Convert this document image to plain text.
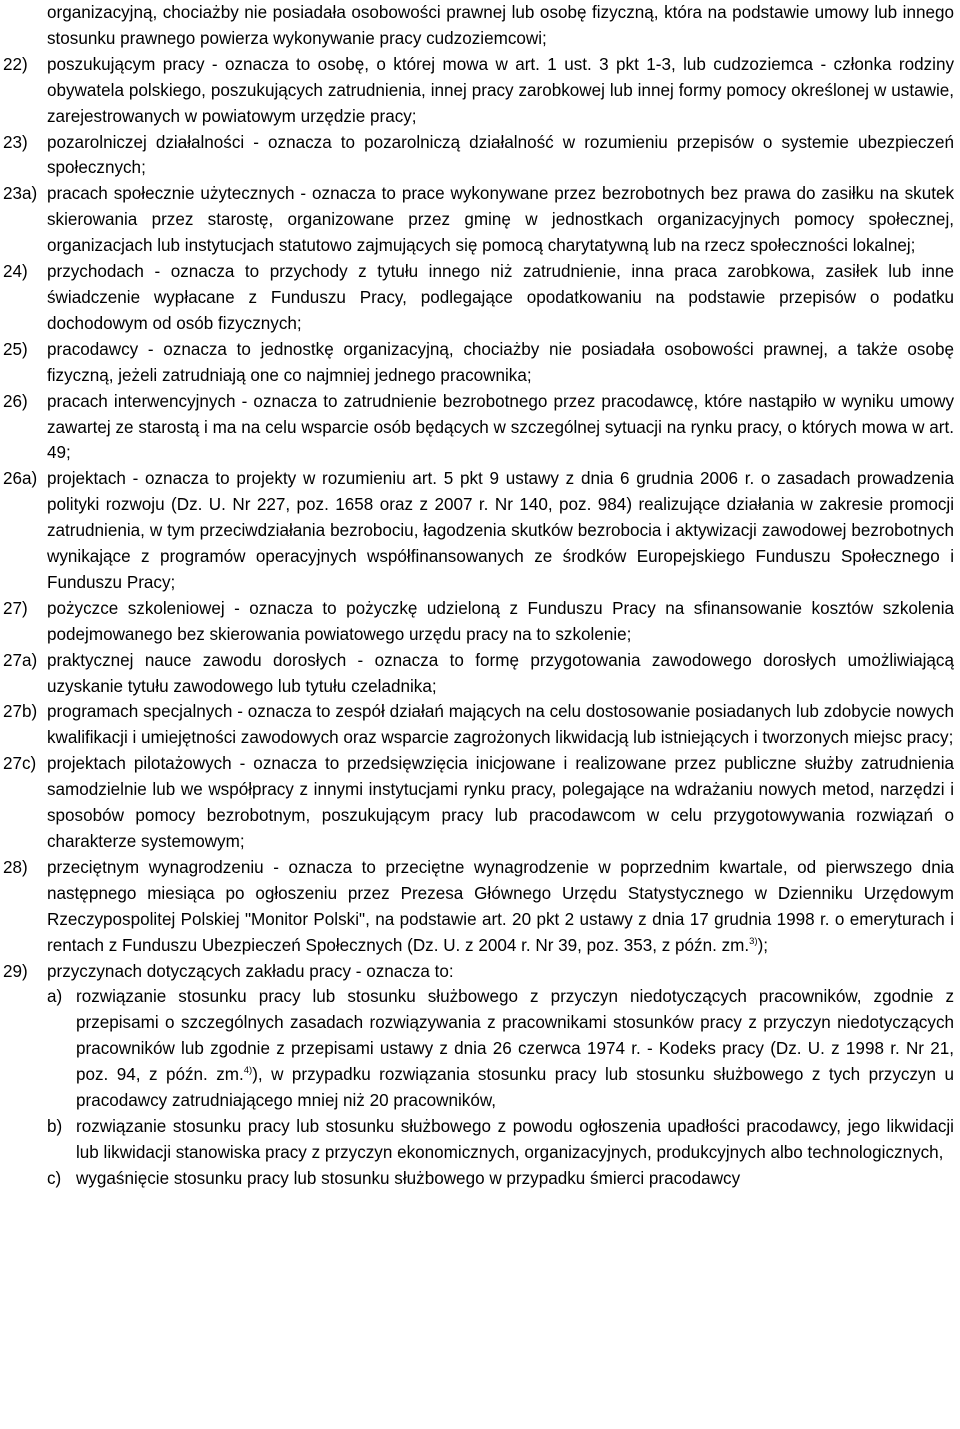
organizacyjną, chociażby nie posiadała osobowości prawnej lub osobę fizyczną, która na podstawie umowy lub innego stosunku prawnego powierza wykonywanie pracy cudzoziemcowi;

22) poszukującym pracy - oznacza to osobę, o której mowa w art. 1 ust. 3 pkt 1-3, lub cudzoziemca - członka rodziny obywatela polskiego, poszukujących zatrudnienia, innej pracy zarobkowej lub innej formy pomocy określonej w ustawie, zarejestrowanych w powiatowym urzędzie pracy;

23) pozarolniczej działalności - oznacza to pozarolniczą działalność w rozumieniu przepisów o systemie ubezpieczeń społecznych;

23a) pracach społecznie użytecznych - oznacza to prace wykonywane przez bezrobotnych bez prawa do zasiłku na skutek skierowania przez starostę, organizowane przez gminę w jednostkach organizacyjnych pomocy społecznej, organizacjach lub instytucjach statutowo zajmujących się pomocą charytatywną lub na rzecz społeczności lokalnej;

24) przychodach - oznacza to przychody z tytułu innego niż zatrudnienie, inna praca zarobkowa, zasiłek lub inne świadczenie wypłacane z Funduszu Pracy, podlegające opodatkowaniu na podstawie przepisów o podatku dochodowym od osób fizycznych;

25) pracodawcy - oznacza to jednostkę organizacyjną, chociażby nie posiadała osobowości prawnej, a także osobę fizyczną, jeżeli zatrudniają one co najmniej jednego pracownika;

26) pracach interwencyjnych - oznacza to zatrudnienie bezrobotnego przez pracodawcę, które nastąpiło w wyniku umowy zawartej ze starostą i ma na celu wsparcie osób będących w szczególnej sytuacji na rynku pracy, o których mowa w art. 49;

26a) projektach - oznacza to projekty w rozumieniu art. 5 pkt 9 ustawy z dnia 6 grudnia 2006 r. o zasadach prowadzenia polityki rozwoju (Dz. U. Nr 227, poz. 1658 oraz z 2007 r. Nr 140, poz. 984) realizujące działania w zakresie promocji zatrudnienia, w tym przeciwdziałania bezrobociu, łagodzenia skutków bezrobocia i aktywizacji zawodowej bezrobotnych wynikające z programów operacyjnych współfinansowanych ze środków Europejskiego Funduszu Społecznego i Funduszu Pracy;

27) pożyczce szkoleniowej - oznacza to pożyczkę udzieloną z Funduszu Pracy na sfinansowanie kosztów szkolenia podejmowanego bez skierowania powiatowego urzędu pracy na to szkolenie;

27a) praktycznej nauce zawodu dorosłych - oznacza to formę przygotowania zawodowego dorosłych umożliwiającą uzyskanie tytułu zawodowego lub tytułu czeladnika;

27b) programach specjalnych - oznacza to zespół działań mających na celu dostosowanie posiadanych lub zdobycie nowych kwalifikacji i umiejętności zawodowych oraz wsparcie zagrożonych likwidacją lub istniejących i tworzonych miejsc pracy;

27c) projektach pilotażowych - oznacza to przedsięwzięcia inicjowane i realizowane przez publiczne służby zatrudnienia samodzielnie lub we współpracy z innymi instytucjami rynku pracy, polegające na wdrażaniu nowych metod, narzędzi i sposobów pomocy bezrobotnym, poszukującym pracy lub pracodawcom w celu przygotowywania rozwiązań o charakterze systemowym;

28) przeciętnym wynagrodzeniu - oznacza to przeciętne wynagrodzenie w poprzednim kwartale, od pierwszego dnia następnego miesiąca po ogłoszeniu przez Prezesa Głównego Urzędu Statystycznego w Dzienniku Urzędowym Rzeczypospolitej Polskiej "Monitor Polski", na podstawie art. 20 pkt 2 ustawy z dnia 17 grudnia 1998 r. o emeryturach i rentach z Funduszu Ubezpieczeń Społecznych (Dz. U. z 2004 r. Nr 39, poz. 353, z późn. zm.$^{3)}$);

29) przyczynach dotyczących zakładu pracy - oznacza to:

a) rozwiązanie stosunku pracy lub stosunku służbowego z przyczyn niedotyczących pracowników, zgodnie z przepisami o szczególnych zasadach rozwiązywania z pracownikami stosunków pracy z przyczyn niedotyczących pracowników lub zgodnie z przepisami ustawy z dnia 26 czerwca 1974 r. - Kodeks pracy (Dz. U. z 1998 r. Nr 21, poz. 94, z późn. zm.$^{4)}$), w przypadku rozwiązania stosunku pracy lub stosunku służbowego z tych przyczyn u pracodawcy zatrudniającego mniej niż 20 pracowników,

b) rozwiązanie stosunku pracy lub stosunku służbowego z powodu ogłoszenia upadłości pracodawcy, jego likwidacji lub likwidacji stanowiska pracy z przyczyn ekonomicznych, organizacyjnych, produkcyjnych albo technologicznych,

c) wygaśnięcie stosunku pracy lub stosunku służbowego w przypadku śmierci pracodawcy
